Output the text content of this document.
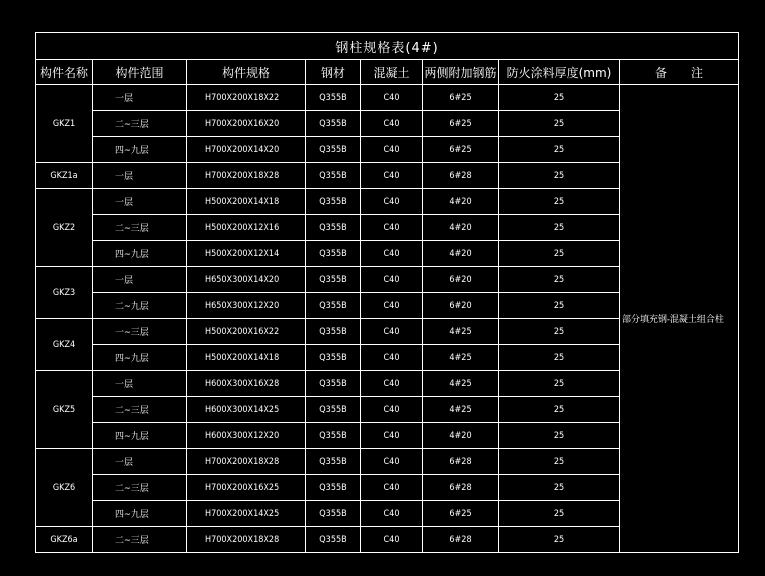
钢柱规格表(4#)							
构件名称	构件范围	构件规格	钢材	混凝土	两侧附加钢筋	防火涂料厚度(mm)	备　　注
GKZ1	一层	H700X200X18X22	Q355B	C40	6#25	25	部分填充钢-混凝土组合柱
	二~三层	H700X200X16X20	Q355B	C40	6#25	25	
	四~九层	H700X200X14X20	Q355B	C40	6#25	25	
GKZ1a	一层	H700X200X18X28	Q355B	C40	6#28	25	
GKZ2	一层	H500X200X14X18	Q355B	C40	4#20	25	
	二~三层	H500X200X12X16	Q355B	C40	4#20	25	
	四~九层	H500X200X12X14	Q355B	C40	4#20	25	
GKZ3	一层	H650X300X14X20	Q355B	C40	6#20	25	
	二~九层	H650X300X12X20	Q355B	C40	6#20	25	
GKZ4	一~三层	H500X200X16X22	Q355B	C40	4#25	25	
	四~九层	H500X200X14X18	Q355B	C40	4#25	25	
GKZ5	一层	H600X300X16X28	Q355B	C40	4#25	25	
	二~三层	H600X300X14X25	Q355B	C40	4#25	25	
	四~九层	H600X300X12X20	Q355B	C40	4#20	25	
GKZ6	一层	H700X200X18X28	Q355B	C40	6#28	25	
	二~三层	H700X200X16X25	Q355B	C40	6#28	25	
	四~九层	H700X200X14X25	Q355B	C40	6#25	25	
GKZ6a	二~三层	H700X200X18X28	Q355B	C40	6#28	25	
